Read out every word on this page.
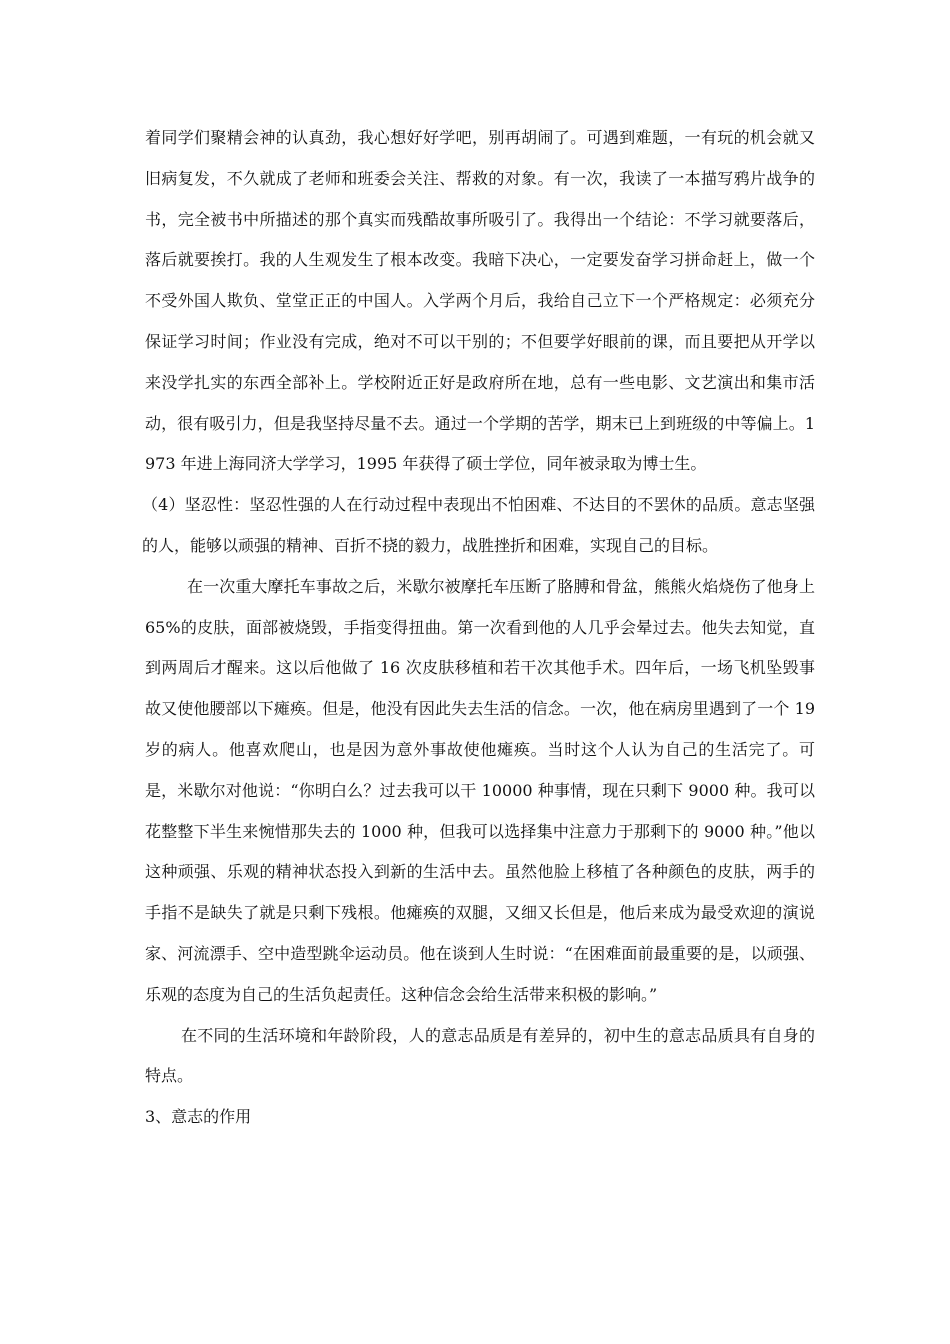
着同学们聚精会神的认真劲，我心想好好学吧，别再胡闹了。可遇到难题，一有玩的机会就又旧病复发，不久就成了老师和班委会关注、帮救的对象。有一次，我读了一本描写鸦片战争的书，完全被书中所描述的那个真实而残酷故事所吸引了。我得出一个结论：不学习就要落后，落后就要挨打。我的人生观发生了根本改变。我暗下决心，一定要发奋学习拼命赶上，做一个不受外国人欺负、堂堂正正的中国人。入学两个月后，我给自己立下一个严格规定：必须充分保证学习时间；作业没有完成，绝对不可以干别的；不但要学好眼前的课，而且要把从开学以来没学扎实的东西全部补上。学校附近正好是政府所在地，总有一些电影、文艺演出和集市活动，很有吸引力，但是我坚持尽量不去。通过一个学期的苦学，期末已上到班级的中等偏上。1973 年进上海同济大学学习，1995 年获得了硕士学位，同年被录取为博士生。

（4）坚忍性：坚忍性强的人在行动过程中表现出不怕困难、不达目的不罢休的品质。意志坚强的人，能够以顽强的精神、百折不挠的毅力，战胜挫折和困难，实现自己的目标。

在一次重大摩托车事故之后，米歇尔被摩托车压断了胳膊和骨盆，熊熊火焰烧伤了他身上 65%的皮肤，面部被烧毁，手指变得扭曲。第一次看到他的人几乎会晕过去。他失去知觉，直到两周后才醒来。这以后他做了 16 次皮肤移植和若干次其他手术。四年后，一场飞机坠毁事故又使他腰部以下瘫痪。但是，他没有因此失去生活的信念。一次，他在病房里遇到了一个 19 岁的病人。他喜欢爬山，也是因为意外事故使他瘫痪。当时这个人认为自己的生活完了。可是，米歇尔对他说：“你明白么？过去我可以干 10000 种事情，现在只剩下 9000 种。我可以花整整下半生来惋惜那失去的 1000 种，但我可以选择集中注意力于那剩下的 9000 种。”他以这种顽强、乐观的精神状态投入到新的生活中去。虽然他脸上移植了各种颜色的皮肤，两手的手指不是缺失了就是只剩下残根。他瘫痪的双腿，又细又长但是，他后来成为最受欢迎的演说家、河流漂手、空中造型跳伞运动员。他在谈到人生时说：“在困难面前最重要的是，以顽强、乐观的态度为自己的生活负起责任。这种信念会给生活带来积极的影响。”

在不同的生活环境和年龄阶段，人的意志品质是有差异的，初中生的意志品质具有自身的特点。

3、意志的作用
